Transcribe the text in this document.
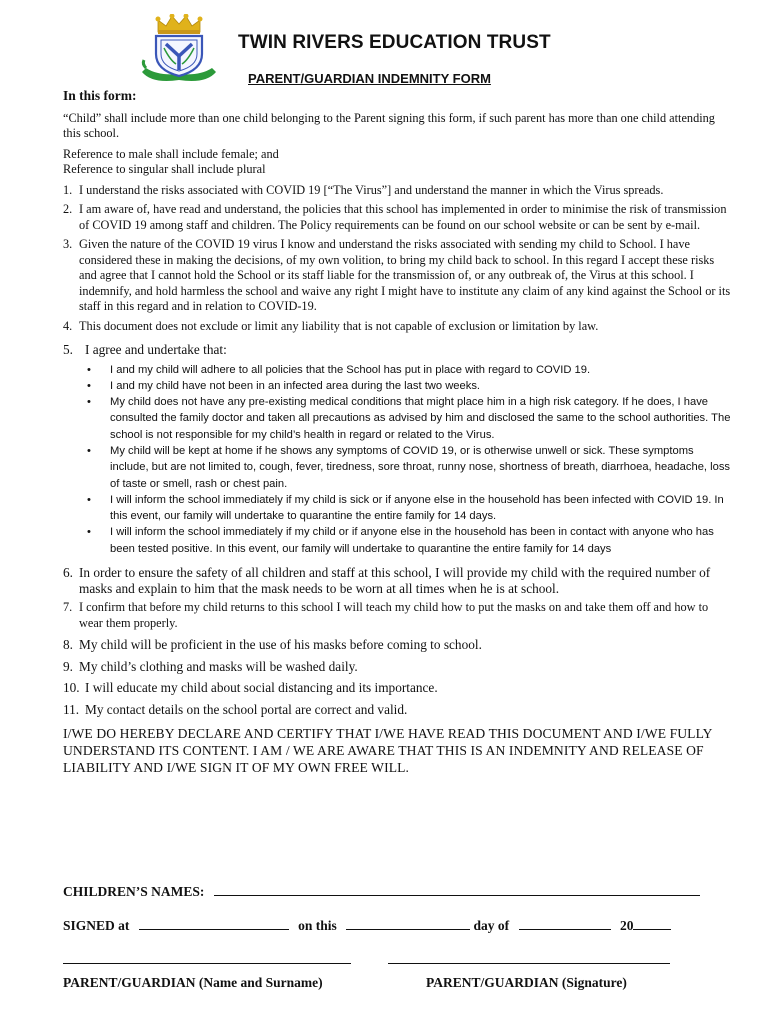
TWIN RIVERS EDUCATION TRUST
PARENT/GUARDIAN INDEMNITY FORM
In this form:

“Child” shall include more than one child belonging to the Parent signing this form, if such parent has more than one child attending this school.

Reference to male shall include female; and

Reference to singular shall include plural

1. I understand the risks associated with COVID 19 [“The Virus”] and understand the manner in which the Virus spreads.
2. I am aware of, have read and understand, the policies that this school has implemented in order to minimise the risk of transmission of COVID 19 among staff and children. The Policy requirements can be found on our school website or can be sent by e-mail.
3. Given the nature of the COVID 19 virus I know and understand the risks associated with sending my child to School. I have considered these in making the decisions, of my own volition, to bring my child back to school. In this regard I accept these risks and agree that I cannot hold the School or its staff liable for the transmission of, or any outbreak of, the Virus at this school. I indemnify, and hold harmless the school and waive any right I might have to institute any claim of any kind against the School or its staff in this regard and in relation to COVID-19.
4. This document does not exclude or limit any liability that is not capable of exclusion or limitation by law.
5. I agree and undertake that:
• I and my child will adhere to all policies that the School has put in place with regard to COVID 19.
• I and my child have not been in an infected area during the last two weeks.
• My child does not have any pre-existing medical conditions that might place him in a high risk category. If he does, I have consulted the family doctor and taken all precautions as advised by him and disclosed the same to the school authorities. The school is not responsible for my child’s health in regard or related to the Virus.
• My child will be kept at home if he shows any symptoms of COVID 19, or is otherwise unwell or sick. These symptoms include, but are not limited to, cough, fever, tiredness, sore throat, runny nose, shortness of breath, diarrhoea, headache, loss of taste or smell, rash or chest pain.
• I will inform the school immediately if my child is sick or if anyone else in the household has been infected with COVID 19. In this event, our family will undertake to quarantine the entire family for 14 days.
• I will inform the school immediately if my child or if anyone else in the household has been in contact with anyone who has been tested positive. In this event, our family will undertake to quarantine the entire family for 14 days
6. In order to ensure the safety of all children and staff at this school, I will provide my child with the required number of masks and explain to him that the mask needs to be worn at all times when he is at school.
7. I confirm that before my child returns to this school I will teach my child how to put the masks on and take them off and how to wear them properly.
8. My child will be proficient in the use of his masks before coming to school.
9. My child’s clothing and masks will be washed daily.
10. I will educate my child about social distancing and its importance.
11. My contact details on the school portal are correct and valid.
I/WE DO HEREBY DECLARE AND CERTIFY THAT I/WE HAVE READ THIS DOCUMENT AND I/WE FULLY UNDERSTAND ITS CONTENT. I AM / WE ARE AWARE THAT THIS IS AN INDEMNITY AND RELEASE OF LIABILITY AND I/WE SIGN IT OF MY OWN FREE WILL.
CHILDREN’S NAMES:
SIGNED at	on this	day of	20
PARENT/GUARDIAN (Name and Surname)	PARENT/GUARDIAN (Signature)
